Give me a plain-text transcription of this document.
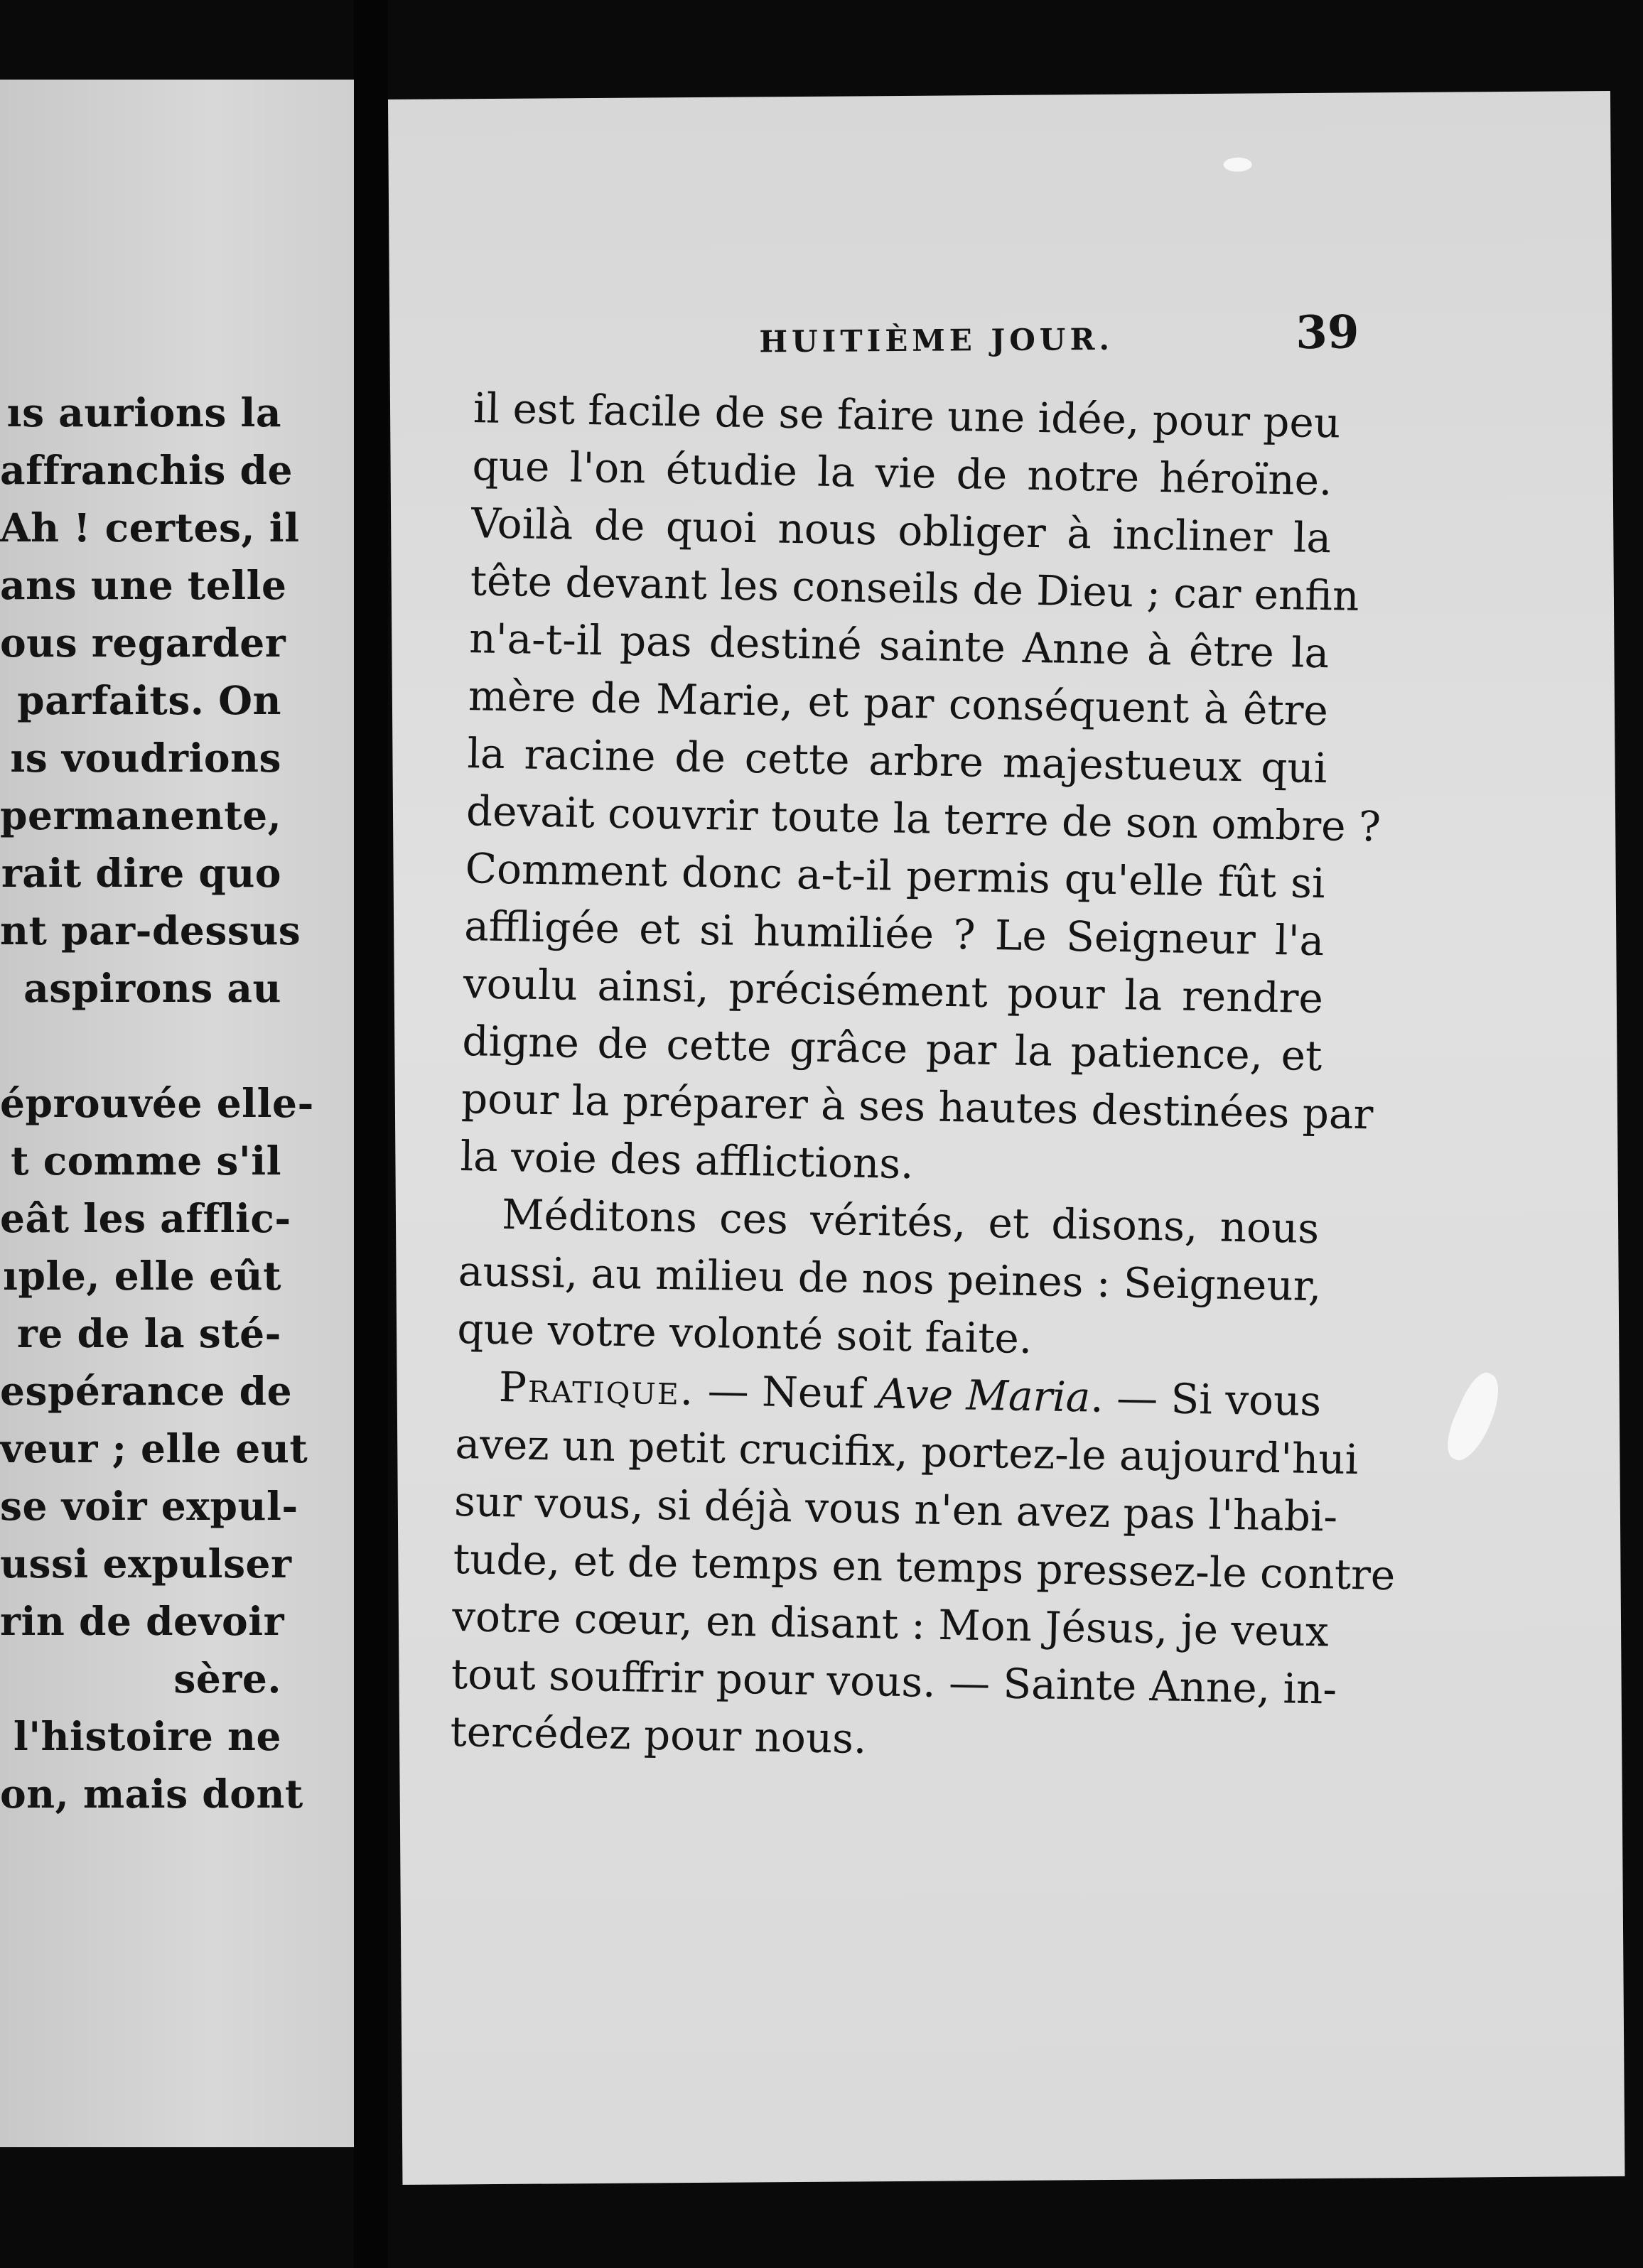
ıs aurions la
affranchis de
Ah ! certes, il
ans une telle
ous regarder
parfaits. On
ıs voudrions
permanente,
rait dire quo
nt par-dessus
aspirons au
éprouvée elle-
t comme s'il
eât les afflic-
ıple, elle eût
re de la sté-
espérance de
veur ; elle eut
se voir expul-
ussi expulser
rin de devoir
sère.
l'histoire ne
on, mais dont
HUITIÈME JOUR.	39
il est facile de se faire une idée, pour peu
que l'on étudie la vie de notre héroïne.
Voilà de quoi nous obliger à incliner la
tête devant les conseils de Dieu ; car enfin
n'a-t-il pas destiné sainte Anne à être la
mère de Marie, et par conséquent à être
la racine de cette arbre majestueux qui
devait couvrir toute la terre de son ombre ?
Comment donc a-t-il permis qu'elle fût si
affligée et si humiliée ? Le Seigneur l'a
voulu ainsi, précisément pour la rendre
digne de cette grâce par la patience, et
pour la préparer à ses hautes destinées par
la voie des afflictions.
Méditons ces vérités, et disons, nous
aussi, au milieu de nos peines : Seigneur,
que votre volonté soit faite.
Pratique. — Neuf Ave Maria. — Si vous
avez un petit crucifix, portez-le aujourd'hui
sur vous, si déjà vous n'en avez pas l'habi-
tude, et de temps en temps pressez-le contre
votre cœur, en disant : Mon Jésus, je veux
tout souffrir pour vous. — Sainte Anne, in-
tercédez pour nous.
